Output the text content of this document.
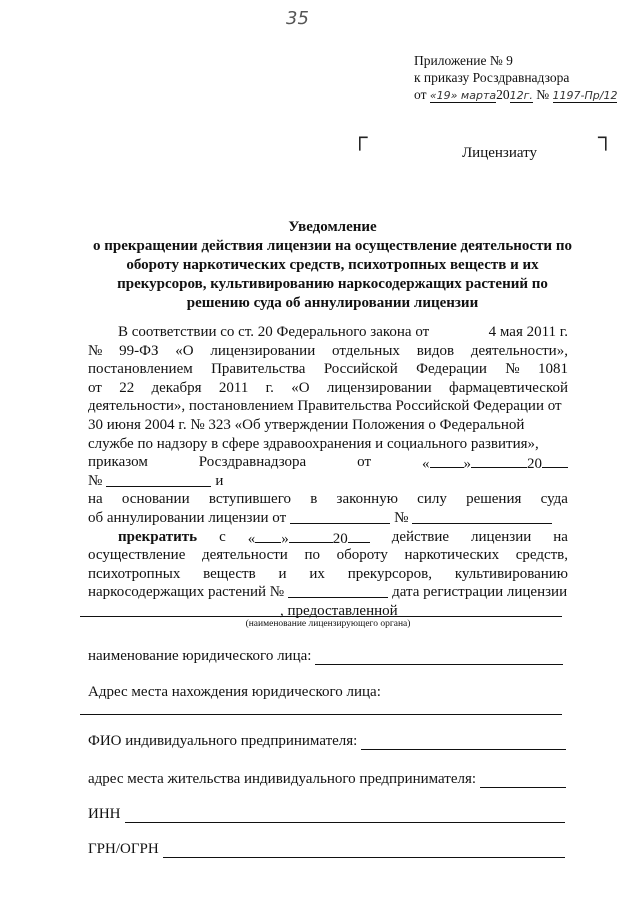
35
Приложение № 9
к приказу Росздравнадзора
от «19» марта2012г. № 1197-Пр/12
┌	┐
Лицензиату
Уведомление
о прекращении действия лицензии на осуществление деятельности по
обороту наркотических средств, психотропных веществ и их
прекурсоров, культивированию наркосодержащих растений по
решению суда об аннулировании лицензии
В соответствии со ст. 20 Федерального закона от	4 мая 2011 г.
№ 99-ФЗ «О лицензировании отдельных видов деятельности»,
постановлением Правительства Российской Федерации № 1081
от 22 декабря 2011 г. «О лицензировании фармацевтической
деятельности», постановлением Правительства Российской Федерации от
30 июня 2004 г. № 323 «Об утверждении Положения о Федеральной
службе по надзору в сфере здравоохранения и социального развития»,
приказом	Росздравнадзора	от	« »	20
№	и
на основании вступившего в законную силу решения суда
об аннулировании лицензии от	№
прекратить с « »	20	действие лицензии на
осуществление деятельности по обороту наркотических средств,
психотропных веществ и их прекурсоров, культивированию
наркосодержащих растений №	дата регистрации лицензии
, предоставленной
(наименование лицензирующего органа)
наименование юридического лица:
Адрес места нахождения юридического лица:
ФИО индивидуального предпринимателя:
адрес места жительства индивидуального предпринимателя:
ИНН
ГРН/ОГРН
